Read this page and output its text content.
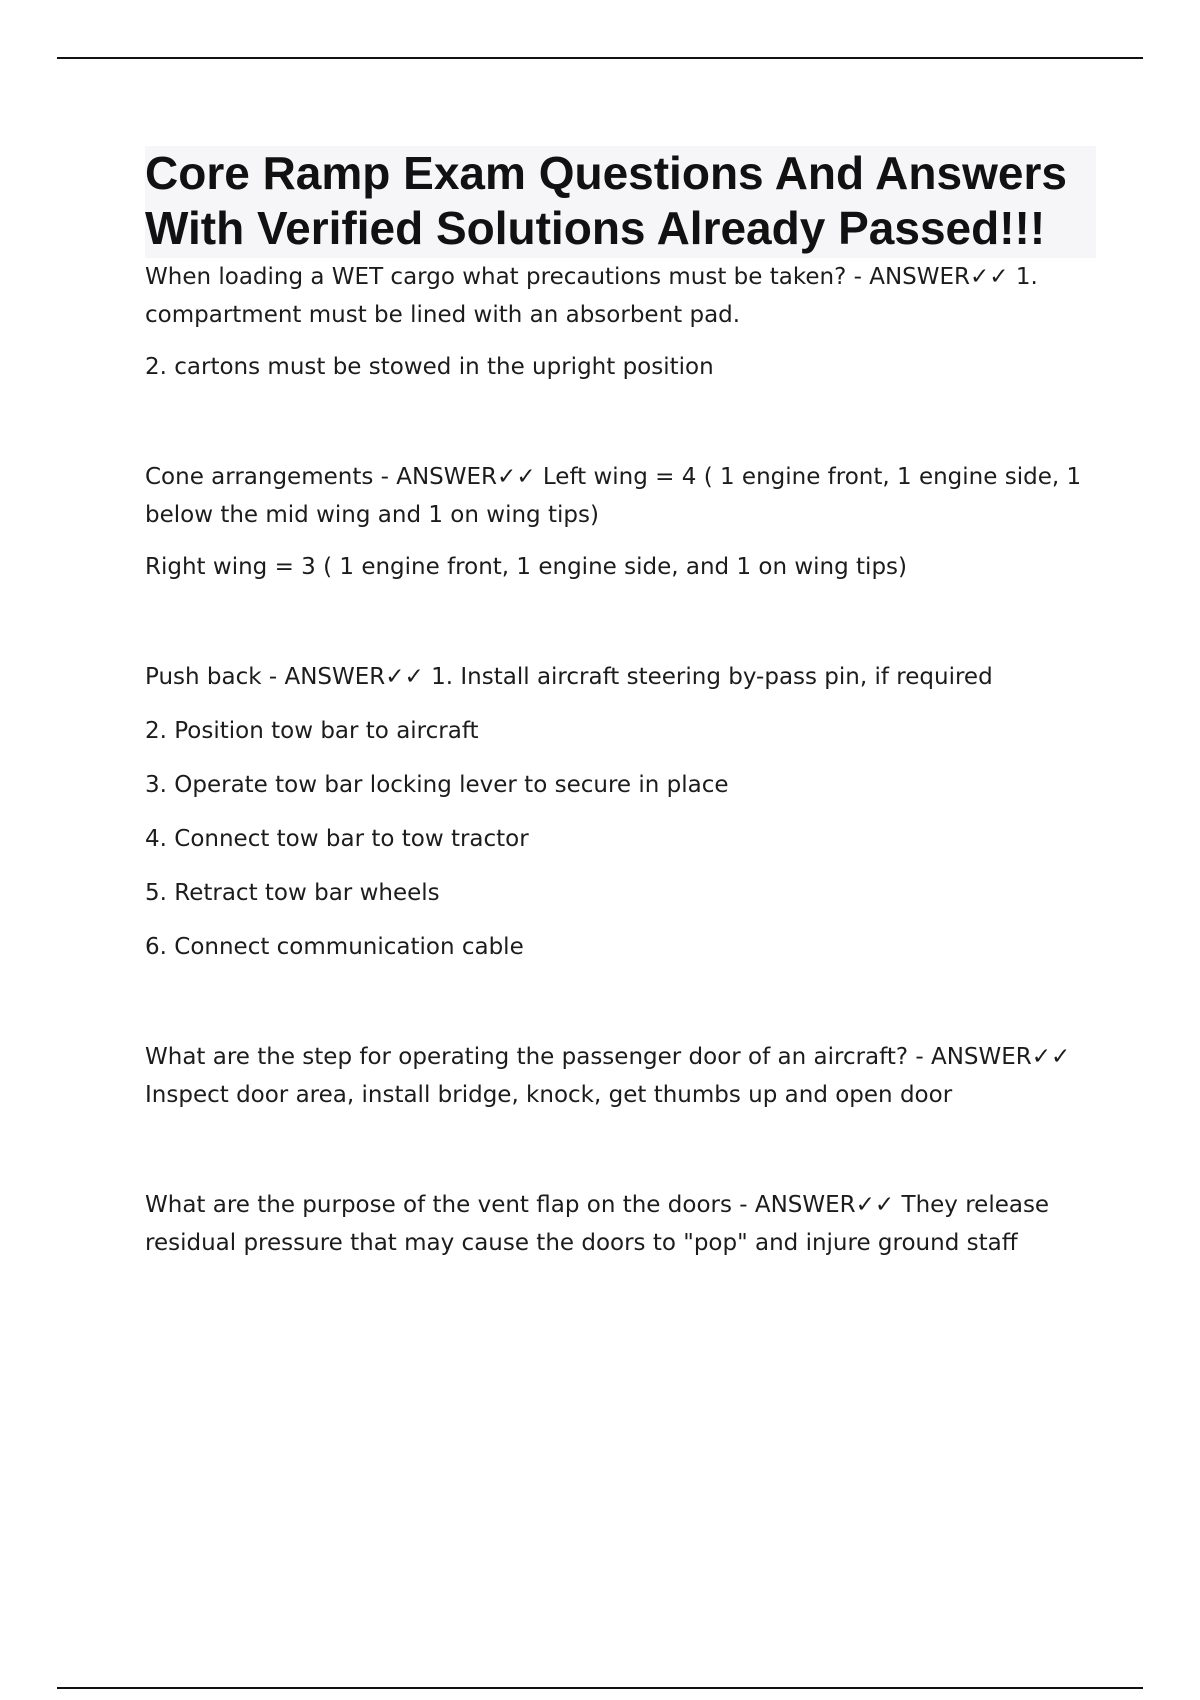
Core Ramp Exam Questions And Answers With Verified Solutions Already Passed!!!

When loading a WET cargo what precautions must be taken? - ANSWER✓✓ 1. compartment must be lined with an absorbent pad.

2. cartons must be stowed in the upright position

Cone arrangements - ANSWER✓✓ Left wing = 4 ( 1 engine front, 1 engine side, 1 below the mid wing and 1 on wing tips)

Right wing = 3 ( 1 engine front, 1 engine side, and 1 on wing tips)

Push back - ANSWER✓✓ 1. Install aircraft steering by-pass pin, if required

2. Position tow bar to aircraft

3. Operate tow bar locking lever to secure in place

4. Connect tow bar to tow tractor

5. Retract tow bar wheels

6. Connect communication cable

What are the step for operating the passenger door of an aircraft? - ANSWER✓✓ Inspect door area, install bridge, knock, get thumbs up and open door

What are the purpose of the vent flap on the doors - ANSWER✓✓ They release residual pressure that may cause the doors to "pop" and injure ground staff
